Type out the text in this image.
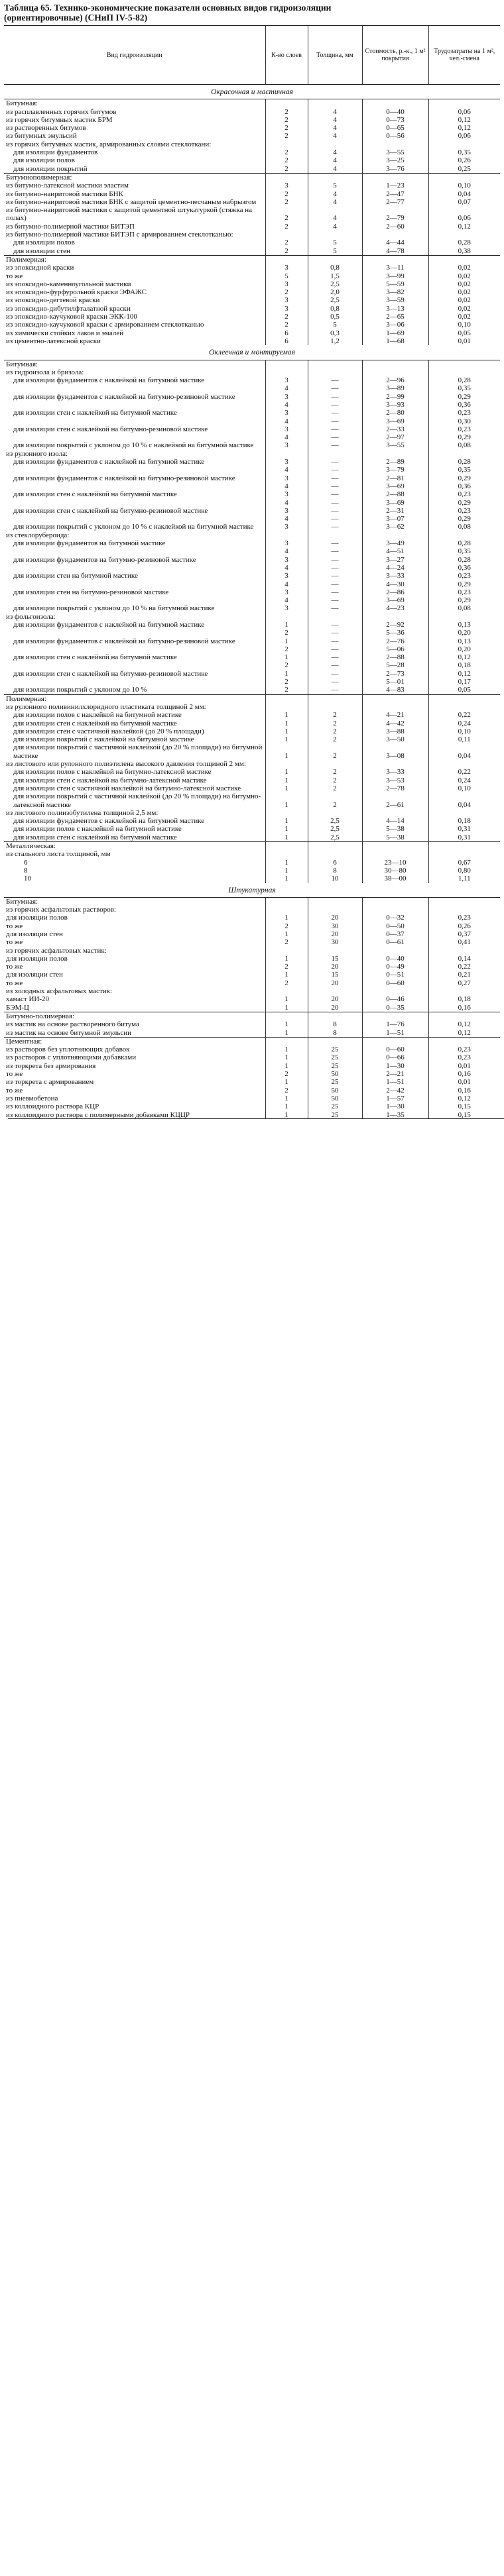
Таблица 65. Технико-экономические показатели основных видов гидроизоляции
(ориентировочные) (СНиП IV-5-82)
Вид гидроизоляции	К-во слоев	Толщина, мм	Стоимость, р.-к., 1 м² покрытия	Трудозатраты на 1 м², чел.-смена
Окрасочная и мастичная				
Битумная:				
из расплавленных горячих битумов	2	4	0—40	0,06
из горячих битумных мастик БРМ	2	4	0—73	0,12
из растворенных битумов	2	4	0—65	0,12
из битумных эмульсий	2	4	0—56	0,06
из горячих битумных мастик, армированных слоями стеклоткани:				
для изоляции фундаментов	2	4	3—55	0,35
для изоляции полов	2	4	3—25	0,26
для изоляции покрытий	2	4	3—76	0,25
Битумнополимерная:				
из битумно-латексной мастики эластим	3	5	1—23	0,10
из битумно-наиритовой мастики БНК	2	4	2—47	0,04
из битумно-наиритовой мастики БНК с защитой цементно-песчаным набрызгом	2	4	2—77	0,07
из битумно-наиритовой мастики с защитой цементной штукатуркой (стяжка на полах)	2	4	2—79	0,06
из битумно-полимерной мастики БИТЭП	2	4	2—60	0,12
из битумно-полимерной мастики БИТЭП с армированием стеклотканью:				
для изоляции полов	2	5	4—44	0,28
для изоляции стен	2	5	4—78	0,38
Полимерная:				
из эпоксидной краски	3	0,8	3—11	0,02
то же	5	1,5	3—99	0,02
из эпоксидно-каменноугольной мастики	3	2,5	5—59	0,02
из эпоксидно-фурфурольной краски ЭФАЖС	2	2,0	3—82	0,02
из эпоксидно-дегтевой краски	3	2,5	3—59	0,02
из эпоксидно-дибутилфталатной краски	3	0,8	3—13	0,02
из эпоксидно-каучуковой краски ЭКК-100	2	0,5	2—65	0,02
из эпоксидно-каучуковой краски с армированием стеклотканью	2	5	3—06	0,10
из химически стойких лаков и эмалей	6	0,3	1—69	0,05
из цементно-латексной краски	6	1,2	1—68	0,01
Оклеечная и монтируемая				
Битумная:				
из гидроизола и бризола:				
для изоляции фундаментов с наклейкой на битумной мастике	3	—	2—96	0,28
	4	—	3—89	0,35
для изоляции фундаментов с наклейкой на битумно-резиновой мастике	3	—	2—99	0,29
	4	—	3—93	0,36
для изоляции стен с наклейкой на битумной мастике	3	—	2—80	0,23
	4	—	3—69	0,30
для изоляции стен с наклейкой на битумно-резиновой мастике	3	—	2—33	0,23
	4	—	2—97	0,29
для изоляции покрытий с уклоном до 10 % с наклейкой на битумной мастике	3	—	3—55	0,08
из рулонного изола:				
для изоляции фундаментов с наклейкой на битумной мастике	3	—	2—89	0,28
	4	—	3—79	0,35
для изоляции фундаментов с наклейкой на битумно-резиновой мастике	3	—	2—81	0,29
	4	—	3—69	0,36
для изоляции стен с наклейкой на битумной мастике	3	—	2—88	0,23
	4	—	3—69	0,29
для изоляции стен с наклейкой на битумно-резиновой мастике	3	—	2—31	0,23
	4	—	3—07	0,29
для изоляции покрытий с уклоном до 10 % с наклейкой на битумной мастике	3	—	3—62	0,08
из стеклорубероида:				
для изоляции фундаментов на битумной мастике	3	—	3—49	0,28
	4	—	4—51	0,35
для изоляции фундаментов на битумно-резиновой мастике	3	—	3—27	0,28
	4	—	4—24	0,36
для изоляции стен на битумной мастике	3	—	3—33	0,23
	4	—	4—30	0,29
для изоляции стен на битумно-резиновой мастике	3	—	2—86	0,23
	4	—	3—69	0,29
для изоляции покрытий с уклоном до 10 % на битумной мастике	3	—	4—23	0,08
из фольгоизола:				
для изоляции фундаментов с наклейкой на битумной мастике	1	—	2—92	0,13
	2	—	5—36	0,20
для изоляции фундаментов с наклейкой на битумно-резиновой мастике	1	—	2—76	0,13
	2	—	5—06	0,20
для изоляции стен с наклейкой на битумной мастике	1	—	2—88	0,12
	2	—	5—28	0,18
для изоляции стен с наклейкой на битумно-резиновой мастике	1	—	2—73	0,12
	2	—	5—01	0,17
для изоляции покрытий с уклоном до 10 %	2	—	4—83	0,05
Полимерная:				
из рулонного поливинилхлоридного пластиката толщиной 2 мм:				
для изоляции полов с наклейкой на битумной мастике	1	2	4—21	0,22
для изоляции стен с наклейкой на битумной мастике	1	2	4—42	0,24
для изоляции стен с частичной наклейкой (до 20 % площади)	1	2	3—88	0,10
для изоляции покрытий с наклейкой на битумной мастике	1	2	3—50	0,11
для изоляции покрытий с частичной наклейкой (до 20 % площади) на битумной мастике	1	2	3—08	0,04
из листового или рулонного полиэтилена высокого давления толщиной 2 мм:				
для изоляции полов с наклейкой на битумно-латексной мастике	1	2	3—33	0,22
для изоляции стен с наклейкой на битумно-латексной мастике	1	2	3—53	0,24
для изоляции стен с частичной наклейкой на битумно-латексной мастике	1	2	2—78	0,10
для изоляции покрытий с частичной наклейкой (до 20 % площади) на битумно-латексной мастике	1	2	2—61	0,04
из листового полиизобутилена толщиной 2,5 мм:				
для изоляции фундаментов с наклейкой на битумной мастике	1	2,5	4—14	0,18
для изоляции полов с наклейкой на битумной мастике	1	2,5	5—38	0,31
для изоляции стен с наклейкой на битумной мастике	1	2,5	5—38	0,31
Металлическая:				
из стального листа толщиной, мм				
6	1	6	23—10	0,67
8	1	8	30—80	0,80
10	1	10	38—00	1,11
Штукатурная				
Битумная:				
из горячих асфальтовых растворов:				
для изоляции полов	1	20	0—32	0,23
то же	2	30	0—50	0,26
для изоляции стен	1	20	0—37	0,37
то же	2	30	0—61	0,41
из горячих асфальтовых мастик:				
для изоляции полов	1	15	0—40	0,14
то же	2	20	0—49	0,22
для изоляции стен	1	15	0—51	0,21
то же	2	20	0—60	0,27
из холодных асфальтовых мастик:				
хамаст ИИ-20	1	20	0—46	0,18
БЭМ-Ц	1	20	0—35	0,16
Битумно-полимерная:				
из мастик на основе растворенного битума	1	8	1—76	0,12
из мастик на основе битумной эмульсии	1	8	1—51	0,12
Цементная:				
из растворов без уплотняющих добавок	1	25	0—60	0,23
из растворов с уплотняющими добавками	1	25	0—66	0,23
из торкрета без армирования	1	25	1—30	0,01
то же	2	50	2—21	0,16
из торкрета с армированием	1	25	1—51	0,01
то же	2	50	2—42	0,16
из пневмобетона	1	50	1—57	0,12
из коллоидного раствора КЦР	1	25	1—30	0,15
из коллоидного раствора с полимерными добавками КЦЦР	1	25	1—35	0,15
